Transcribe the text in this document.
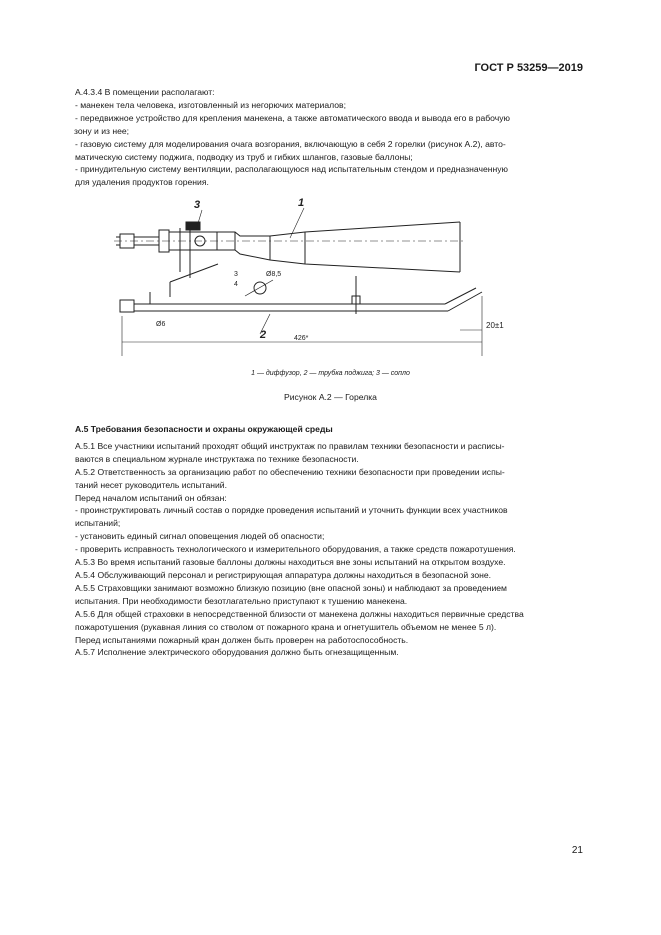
ГОСТ Р 53259—2019

А.4.3.4 В помещении располагают:

- манекен тела человека, изготовленный из негорючих материалов;

- передвижное устройство для крепления манекена, а также автоматического ввода и вывода его в рабочую

зону и из нее;

- газовую систему для моделирования очага возгорания, включающую в себя 2 горелки (рисунок А.2), авто-

матическую систему поджига, подводку из труб и гибких шлангов, газовые баллоны;

- принудительную систему вентиляции, располагающуюся над испытательным стендом и предназначенную

для удаления продуктов горения.

3	1
2
Ø8,5
3
4
Ø6
426*
20±1
1 — диффузор, 2 — трубка поджига; 3 — сопло
Рисунок А.2 — Горелка

А.5 Требования безопасности и охраны окружающей среды

А.5.1 Все участники испытаний проходят общий инструктаж по правилам техники безопасности и расписы-

ваются в специальном журнале инструктажа по технике безопасности.

А.5.2 Ответственность за организацию работ по обеспечению техники безопасности при проведении испы-

таний несет руководитель испытаний.

Перед началом испытаний он обязан:

- проинструктировать личный состав о порядке проведения испытаний и уточнить функции всех участников

испытаний;

- установить единый сигнал оповещения людей об опасности;

- проверить исправность технологического и измерительного оборудования, а также средств пожаротушения.

А.5.3 Во время испытаний газовые баллоны должны находиться вне зоны испытаний на открытом воздухе.

А.5.4 Обслуживающий персонал и регистрирующая аппаратура должны находиться в безопасной зоне.

А.5.5 Страховщики занимают возможно близкую позицию (вне опасной зоны) и наблюдают за проведением

испытания. При необходимости безотлагательно приступают к тушению манекена.

А.5.6 Для общей страховки в непосредственной близости от манекена должны находиться первичные средства

пожаротушения (рукавная линия со стволом от пожарного крана и огнетушитель объемом не менее 5 л).

Перед испытаниями пожарный кран должен быть проверен на работоспособность.

А.5.7 Исполнение электрического оборудования должно быть огнезащищенным.

21
